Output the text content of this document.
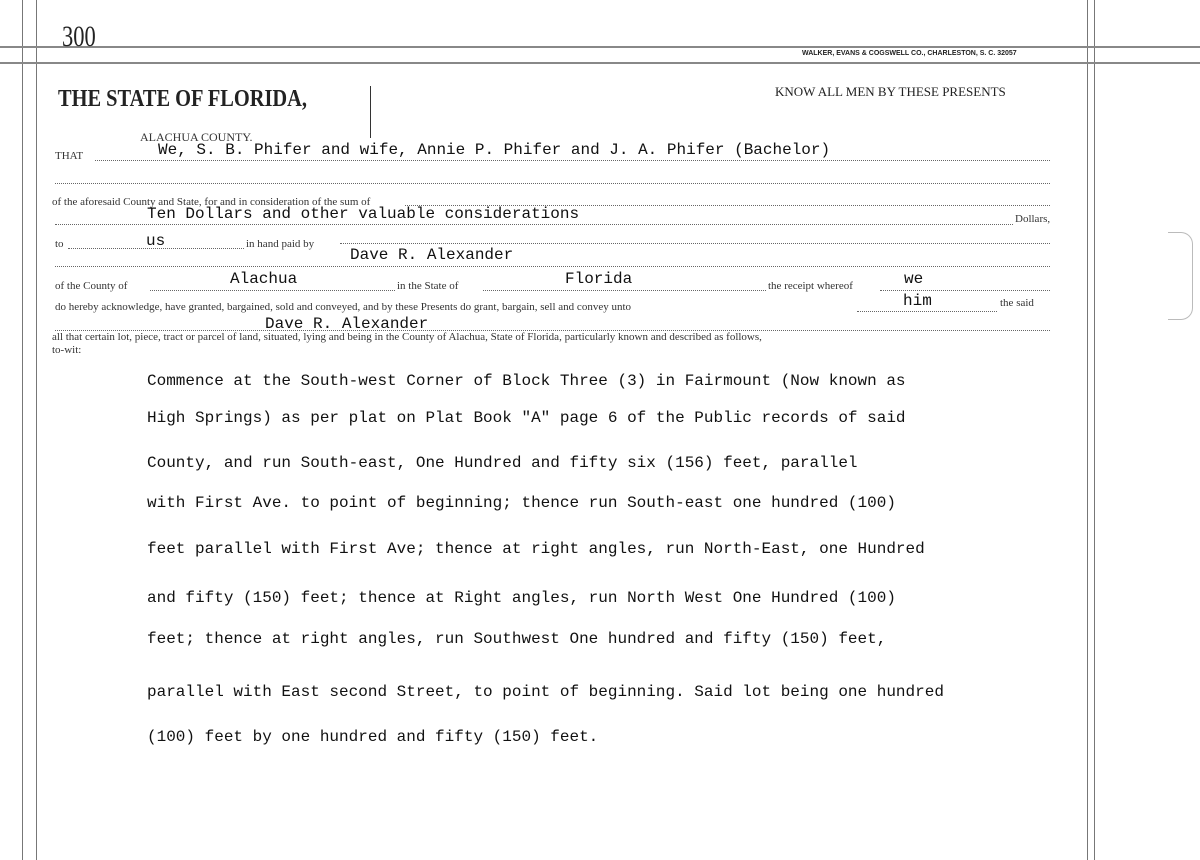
300
WALKER, EVANS & COGSWELL CO., CHARLESTON, S. C. 32057
THE STATE OF FLORIDA,	KNOW ALL MEN BY THESE PRESENTS
ALACHUA COUNTY.
THAT	We, S. B. Phifer and wife, Annie P. Phifer and J. A. Phifer (Bachelor)
of the aforesaid County and State, for and in consideration of the sum of
Ten Dollars and other valuable considerations	Dollars,
to	us	in hand paid by
Dave R. Alexander
of the County of	Alachua	in the State of	Florida	the receipt whereof	we
do hereby acknowledge, have granted, bargained, sold and conveyed, and by these Presents do grant, bargain, sell and convey unto	him	the said
Dave R. Alexander
all that certain lot, piece, tract or parcel of land, situated, lying and being in the County of Alachua, State of Florida, particularly known and described as follows,
to-wit:
Commence at the South-west Corner of Block Three (3) in Fairmount (Now known as
High Springs) as per plat on Plat Book "A" page 6 of the Public records of said
County, and run South-east, One Hundred and fifty six (156) feet, parallel
with First Ave. to point of beginning; thence run South-east one hundred (100)
feet parallel with First Ave; thence at right angles, run North-East, one Hundred
and fifty (150) feet; thence at Right angles, run North West One Hundred (100)
feet; thence at right angles, run Southwest One hundred and fifty (150) feet,
parallel with East second Street, to point of beginning. Said lot being one hundred
(100) feet by one hundred and fifty (150) feet.
